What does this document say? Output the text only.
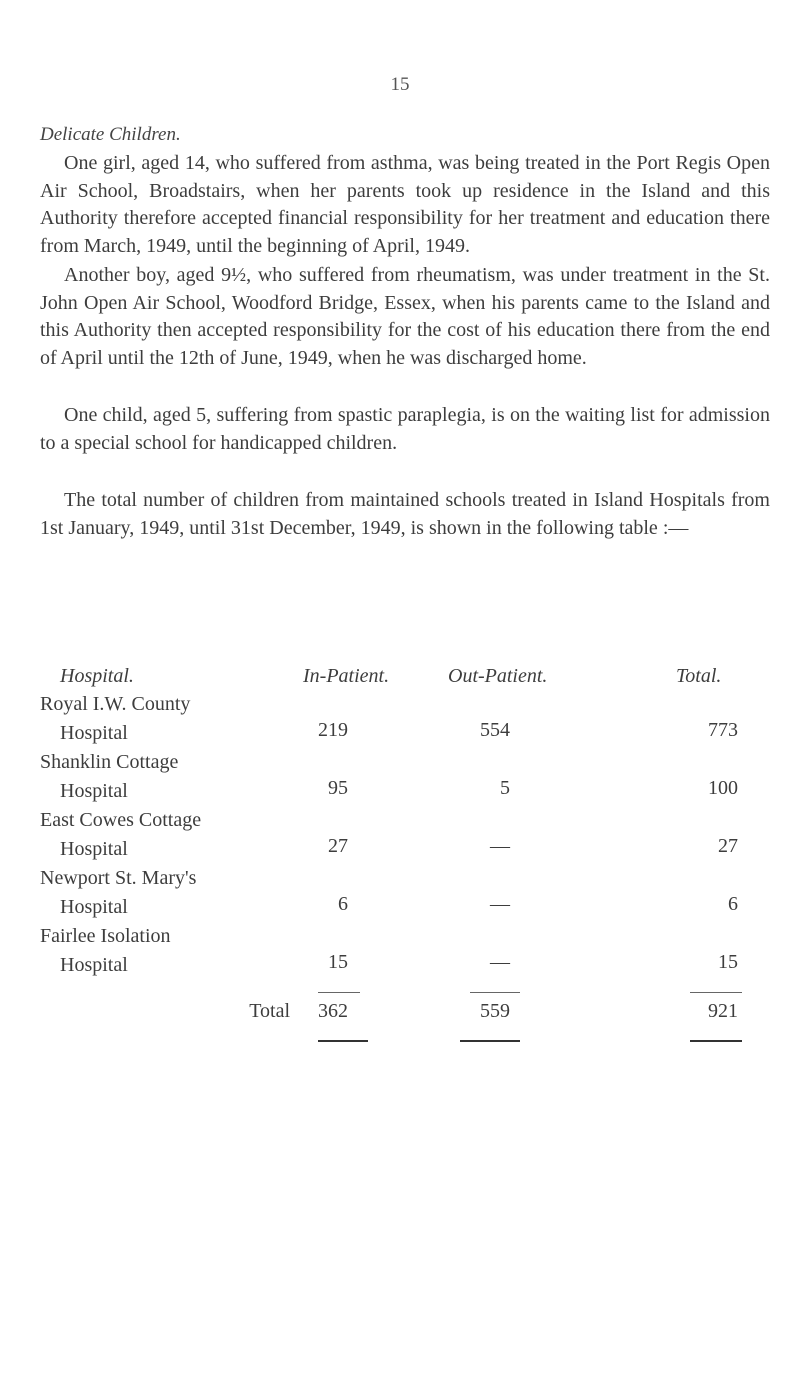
15
Delicate Children.
One girl, aged 14, who suffered from asthma, was being treated in the Port Regis Open Air School, Broadstairs, when her parents took up residence in the Island and this Authority therefore accepted financial responsibility for her treatment and education there from March, 1949, until the beginning of April, 1949.
Another boy, aged 9½, who suffered from rheumatism, was under treatment in the St. John Open Air School, Woodford Bridge, Essex, when his parents came to the Island and this Authority then accepted responsibility for the cost of his education there from the end of April until the 12th of June, 1949, when he was discharged home.
One child, aged 5, suffering from spastic paraplegia, is on the waiting list for admission to a special school for handicapped children.
The total number of children from maintained schools treated in Island Hospitals from 1st January, 1949, until 31st December, 1949, is shown in the following table :—
Hospital.	In-Patient.	Out-Patient.	Total.
Royal I.W. County
Hospital	219	554	773
Shanklin Cottage
Hospital	95	5	100
East Cowes Cottage
Hospital	27	—	27
Newport St. Mary's
Hospital	6	—	6
Fairlee Isolation
Hospital	15	—	15
Total	362	559	921
